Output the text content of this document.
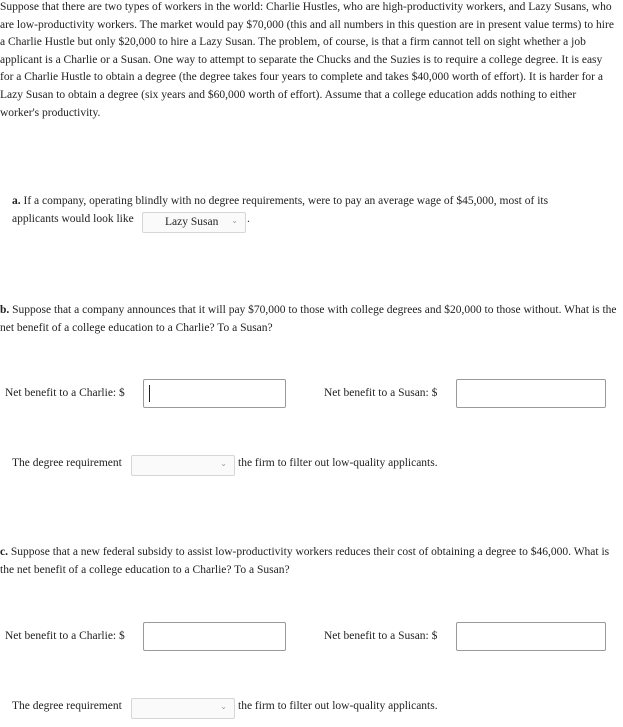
Suppose that there are two types of workers in the world: Charlie Hustles, who are high-productivity workers, and Lazy Susans, who are low-productivity workers. The market would pay $70,000 (this and all numbers in this question are in present value terms) to hire a Charlie Hustle but only $20,000 to hire a Lazy Susan. The problem, of course, is that a firm cannot tell on sight whether a job applicant is a Charlie or a Susan. One way to attempt to separate the Chucks and the Suzies is to require a college degree. It is easy for a Charlie Hustle to obtain a degree (the degree takes four years to complete and takes $40,000 worth of effort). It is harder for a Lazy Susan to obtain a degree (six years and $60,000 worth of effort). Assume that a college education adds nothing to either worker's productivity.
a. If a company, operating blindly with no degree requirements, were to pay an average wage of $45,000, most of its applicants would look like	Lazy Susan ⌄ .
b. Suppose that a company announces that it will pay $70,000 to those with college degrees and $20,000 to those without. What is the net benefit of a college education to a Charlie? To a Susan?
Net benefit to a Charlie: $	Net benefit to a Susan: $
The degree requirement	⌄ the firm to filter out low-quality applicants.
c. Suppose that a new federal subsidy to assist low-productivity workers reduces their cost of obtaining a degree to $46,000. What is the net benefit of a college education to a Charlie? To a Susan?
Net benefit to a Charlie: $	Net benefit to a Susan: $
The degree requirement	⌄ the firm to filter out low-quality applicants.
